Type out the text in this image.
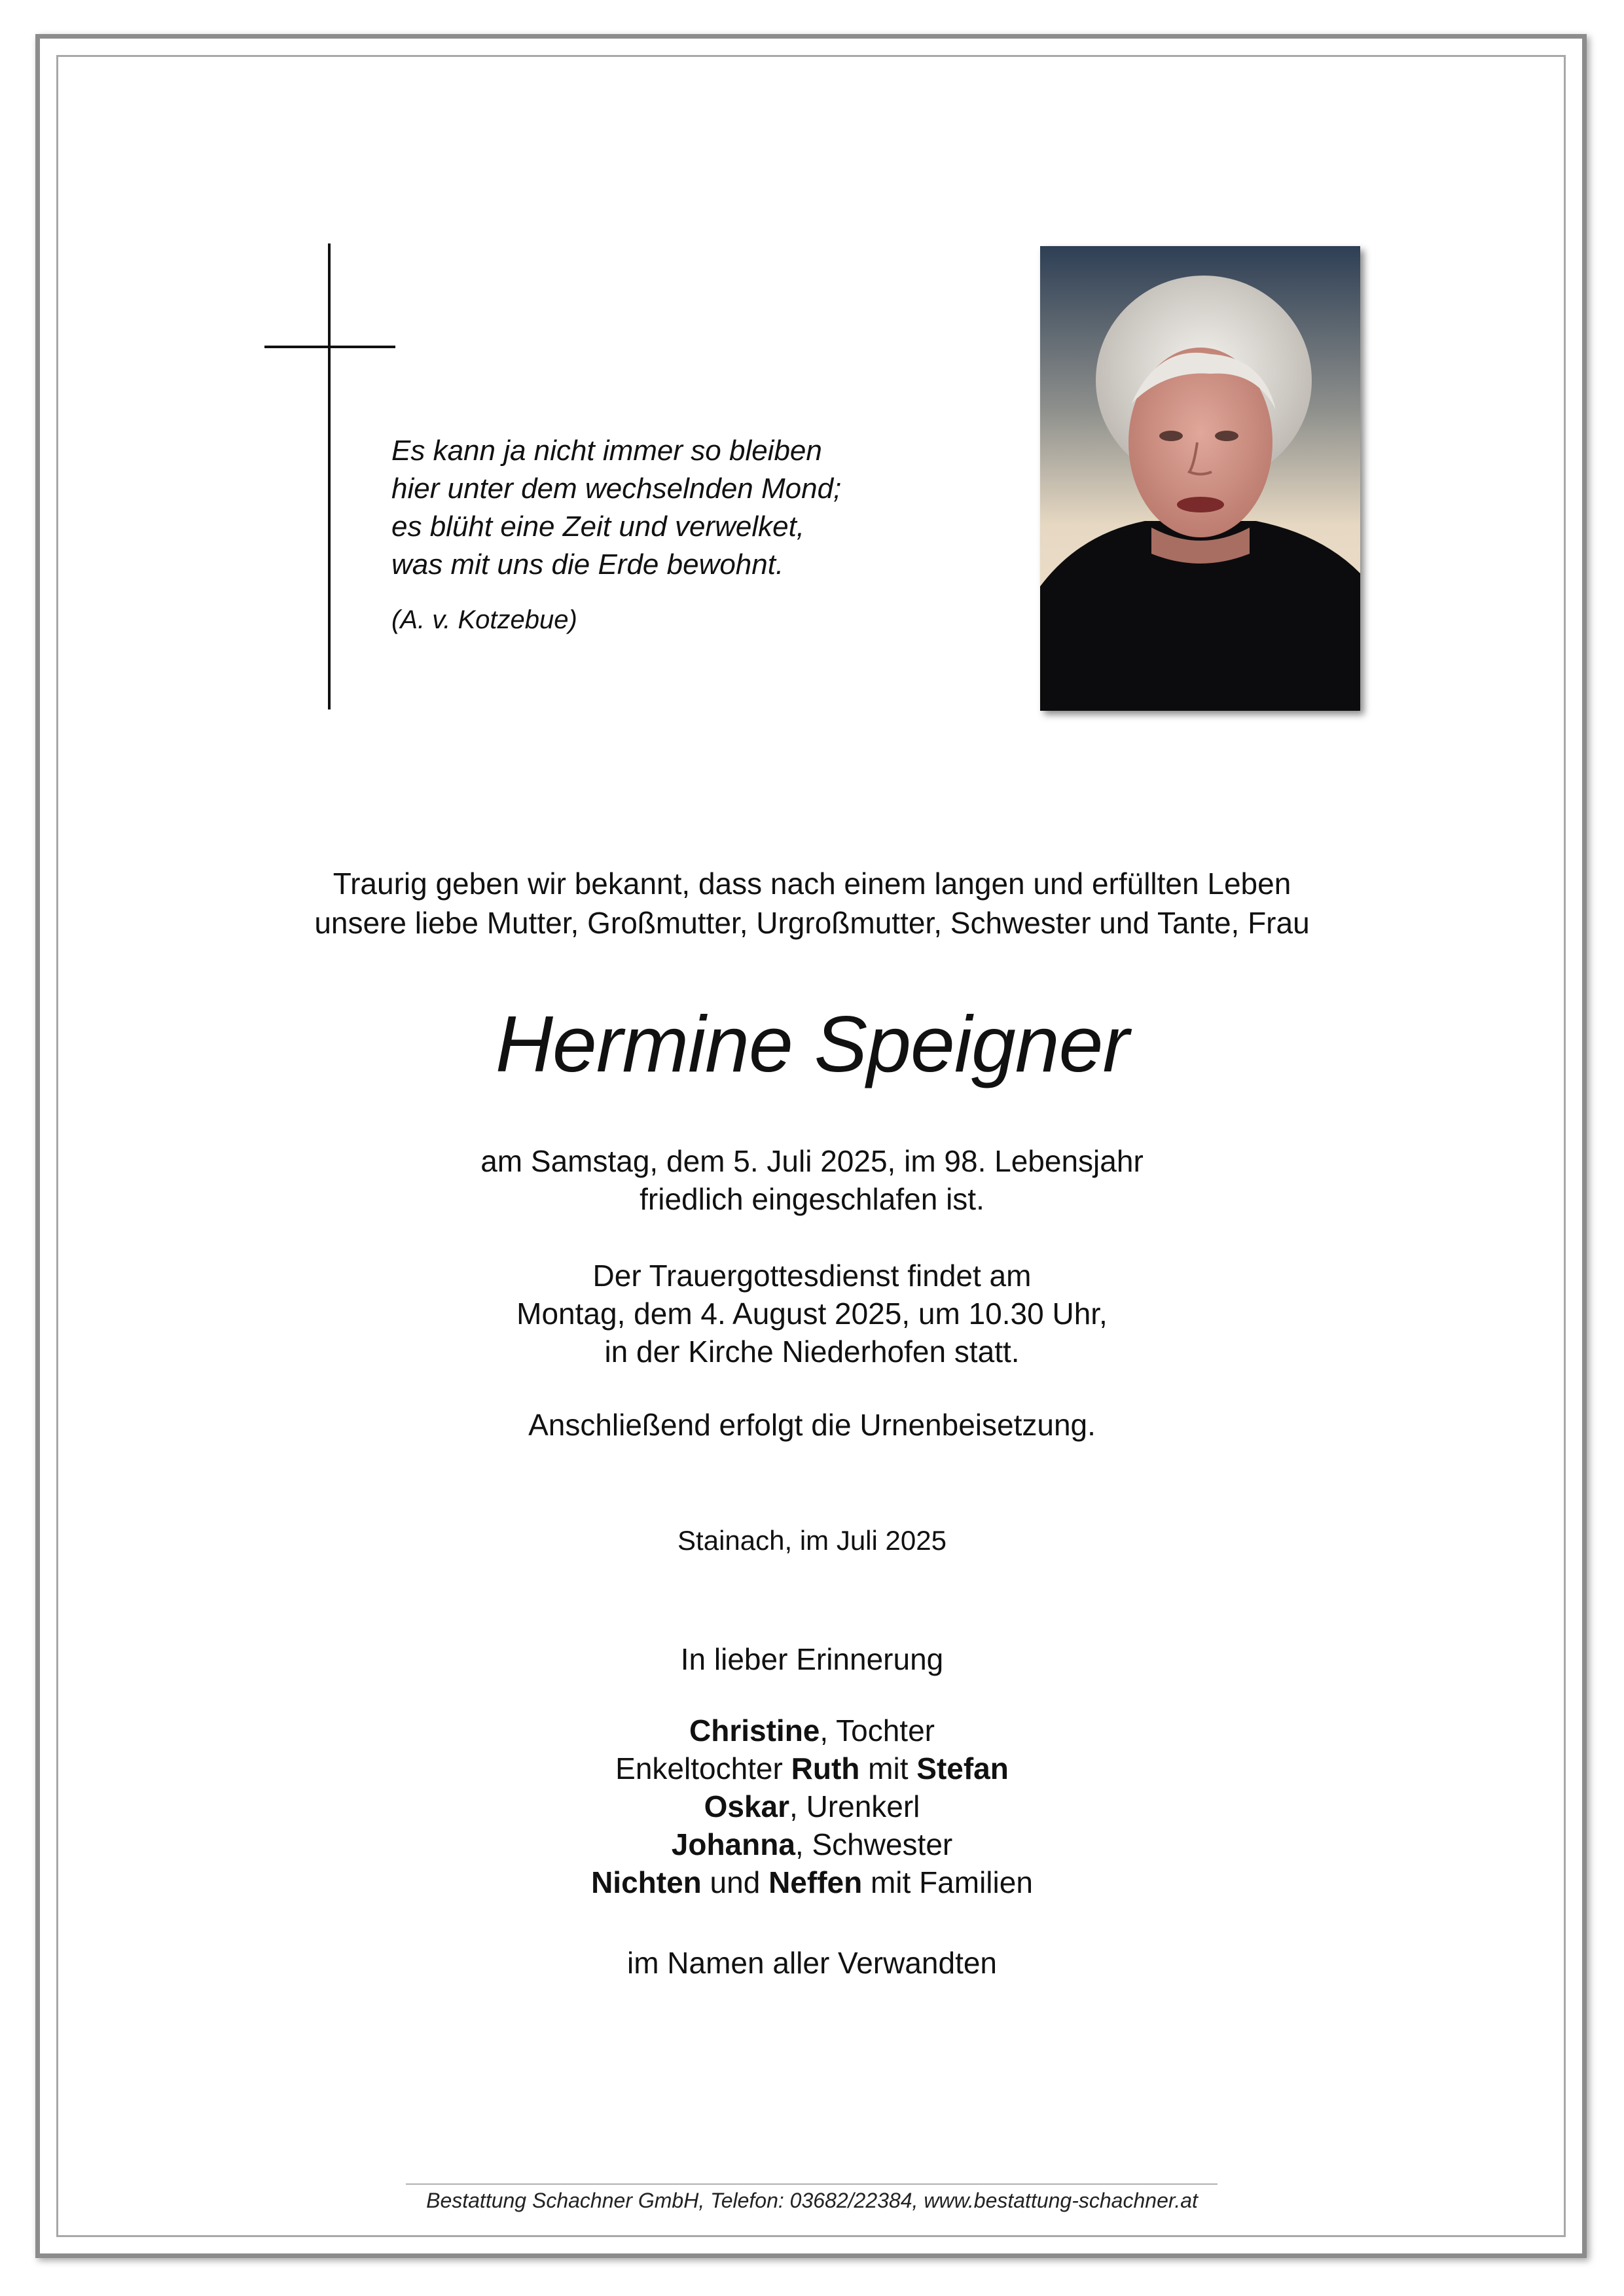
Es kann ja nicht immer so bleiben
hier unter dem wechselnden Mond;
es blüht eine Zeit und verwelket,
was mit uns die Erde bewohnt.
(A. v. Kotzebue)
Traurig geben wir bekannt, dass nach einem langen und erfüllten Leben
unsere liebe Mutter, Großmutter, Urgroßmutter, Schwester und Tante, Frau
Hermine Speigner
am Samstag, dem 5. Juli 2025, im 98. Lebensjahr
friedlich eingeschlafen ist.
Der Trauergottesdienst findet am
Montag, dem 4. August 2025, um 10.30 Uhr,
in der Kirche Niederhofen statt.
Anschließend erfolgt die Urnenbeisetzung.
Stainach, im Juli 2025
In lieber Erinnerung
Christine, Tochter
Enkeltochter Ruth mit Stefan
Oskar, Urenkerl
Johanna, Schwester
Nichten und Neffen mit Familien
im Namen aller Verwandten
Bestattung Schachner GmbH, Telefon: 03682/22384, www.bestattung-schachner.at
